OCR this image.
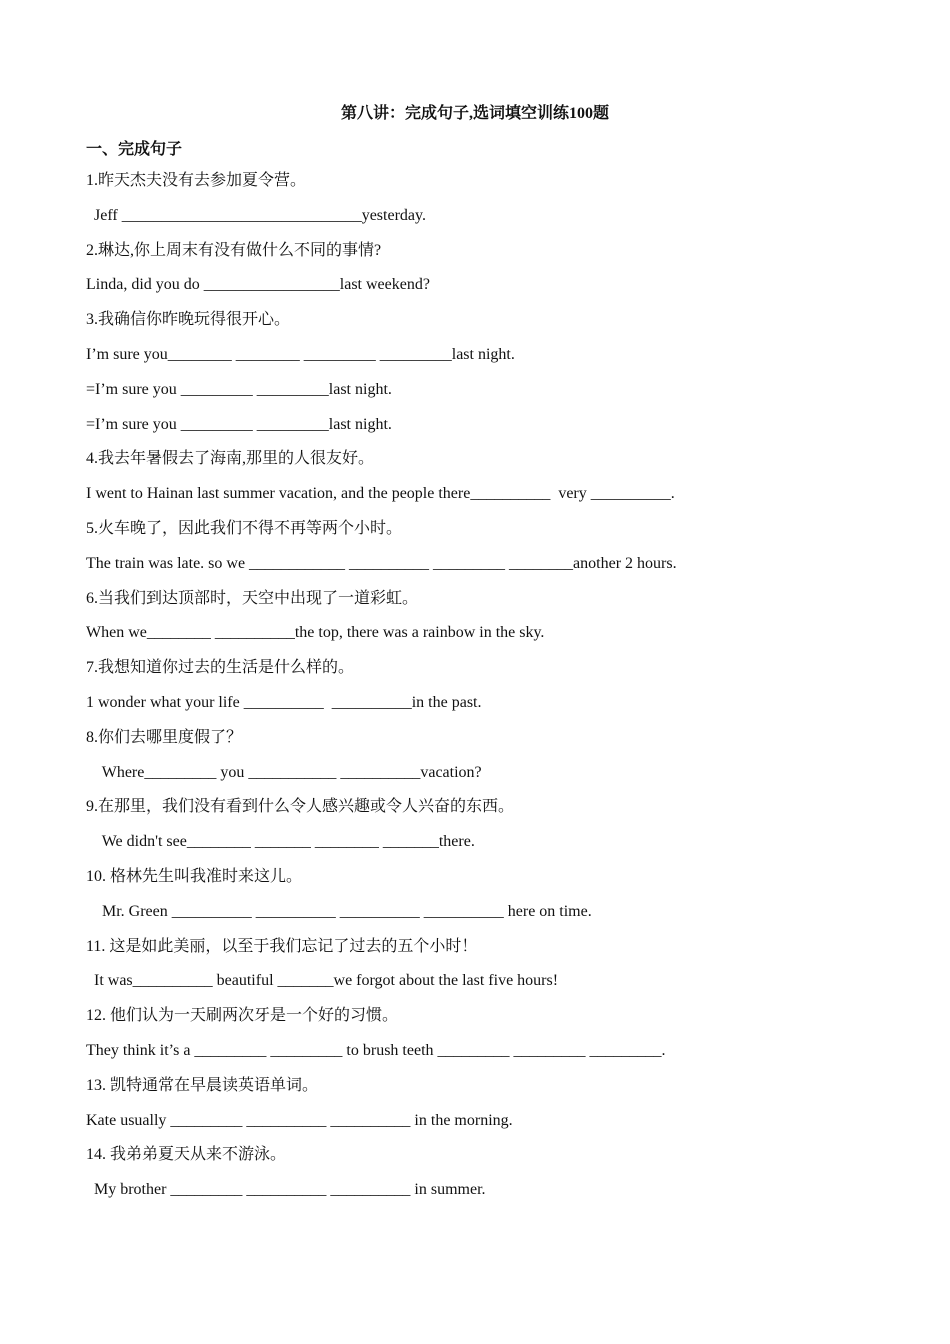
第八讲：完成句子,选词填空训练100题
一、完成句子
1.昨天杰夫没有去参加夏令营。
Jeff ______________________________yesterday.
2.琳达,你上周末有没有做什么不同的事情?
Linda, did you do _________________last weekend?
3.我确信你昨晚玩得很开心。
I’m sure you________ ________ _________ _________last night.
=I’m sure you _________ _________last night.
=I’m sure you _________ _________last night.
4.我去年暑假去了海南,那里的人很友好。
I went to Hainan last summer vacation, and the people there__________  very __________.
5.火车晚了，因此我们不得不再等两个小时。
The train was late. so we ____________ __________ _________ ________another 2 hours.
6.当我们到达顶部时，天空中出现了一道彩虹。
When we________ __________the top, there was a rainbow in the sky.
7.我想知道你过去的生活是什么样的。
1 wonder what your life __________  __________in the past.
8.你们去哪里度假了？
Where_________ you ___________ __________vacation?
9.在那里，我们没有看到什么令人感兴趣或令人兴奋的东西。
We didn't see________ _______ ________ _______there.
10. 格林先生叫我准时来这儿。
Mr. Green __________ __________ __________ __________ here on time.
11. 这是如此美丽，以至于我们忘记了过去的五个小时！
It was__________ beautiful _______we forgot about the last five hours!
12. 他们认为一天刷两次牙是一个好的习惯。
They think it’s a _________ _________ to brush teeth _________ _________ _________.
13. 凯特通常在早晨读英语单词。
Kate usually _________ __________ __________ in the morning.
14. 我弟弟夏天从来不游泳。
My brother _________ __________ __________ in summer.
